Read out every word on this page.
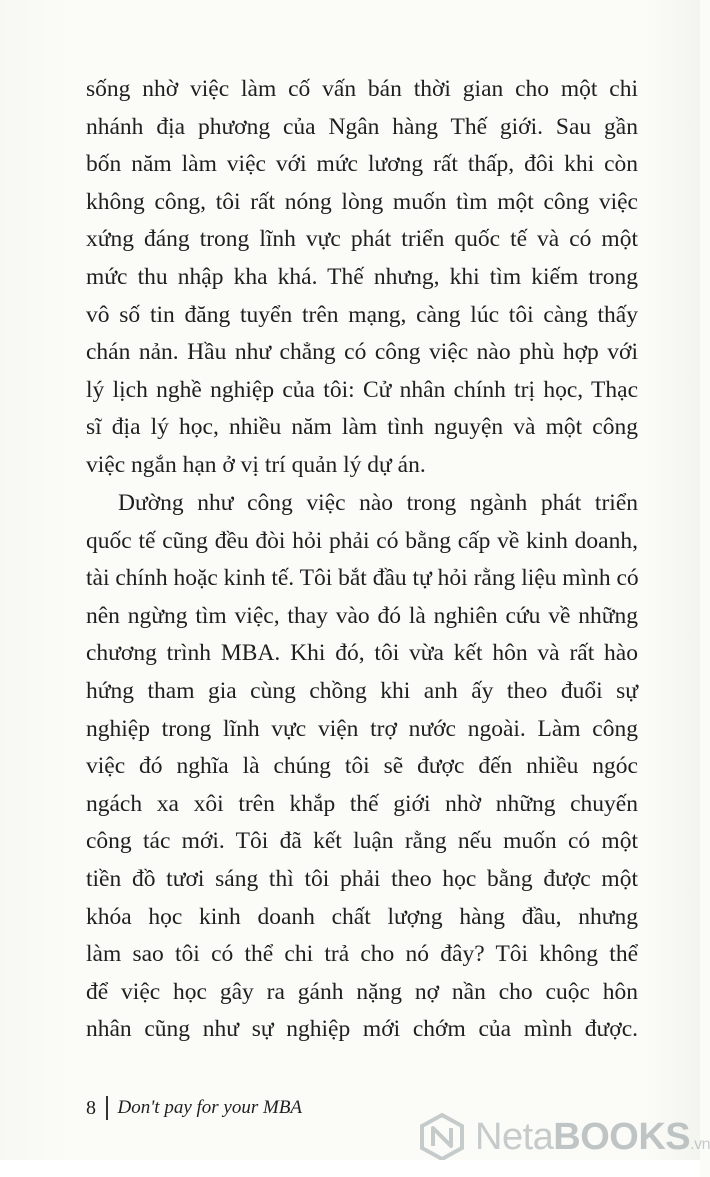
sống nhờ việc làm cố vấn bán thời gian cho một chi
nhánh địa phương của Ngân hàng Thế giới. Sau gần
bốn năm làm việc với mức lương rất thấp, đôi khi còn
không công, tôi rất nóng lòng muốn tìm một công việc
xứng đáng trong lĩnh vực phát triển quốc tế và có một
mức thu nhập kha khá. Thế nhưng, khi tìm kiếm trong
vô số tin đăng tuyển trên mạng, càng lúc tôi càng thấy
chán nản. Hầu như chẳng có công việc nào phù hợp với
lý lịch nghề nghiệp của tôi: Cử nhân chính trị học, Thạc
sĩ địa lý học, nhiều năm làm tình nguyện và một công
việc ngắn hạn ở vị trí quản lý dự án.
Dường như công việc nào trong ngành phát triển
quốc tế cũng đều đòi hỏi phải có bằng cấp về kinh doanh,
tài chính hoặc kinh tế. Tôi bắt đầu tự hỏi rằng liệu mình có
nên ngừng tìm việc, thay vào đó là nghiên cứu về những
chương trình MBA. Khi đó, tôi vừa kết hôn và rất hào
hứng tham gia cùng chồng khi anh ấy theo đuổi sự
nghiệp trong lĩnh vực viện trợ nước ngoài. Làm công
việc đó nghĩa là chúng tôi sẽ được đến nhiều ngóc
ngách xa xôi trên khắp thế giới nhờ những chuyến
công tác mới. Tôi đã kết luận rằng nếu muốn có một
tiền đồ tươi sáng thì tôi phải theo học bằng được một
khóa học kinh doanh chất lượng hàng đầu, nhưng
làm sao tôi có thể chi trả cho nó đây? Tôi không thể
để việc học gây ra gánh nặng nợ nần cho cuộc hôn
nhân cũng như sự nghiệp mới chớm của mình được.
8 Don't pay for your MBA
NetaBOOKS.vn
